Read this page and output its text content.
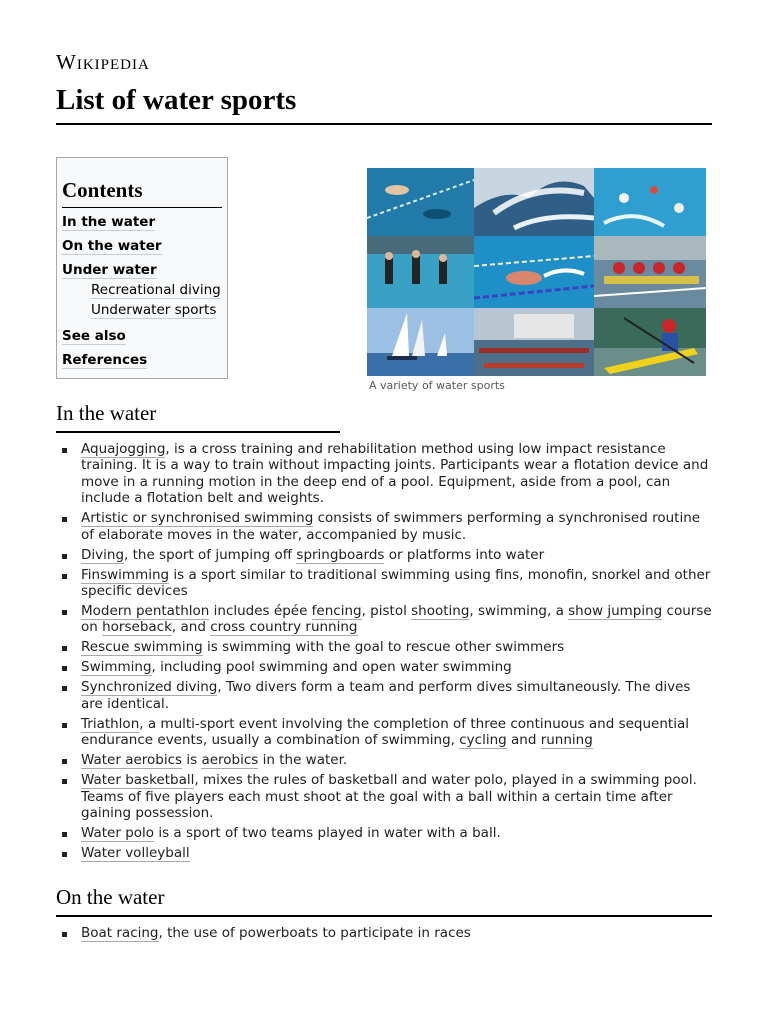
Wikipedia
List of water sports
Contents
In the water
On the water
Under water
Recreational diving
Underwater sports
See also
References
A variety of water sports
In the water
Aquajogging, is a cross training and rehabilitation method using low impact resistance training. It is a way to train without impacting joints. Participants wear a flotation device and move in a running motion in the deep end of a pool. Equipment, aside from a pool, can include a flotation belt and weights.
Artistic or synchronised swimming consists of swimmers performing a synchronised routine of elaborate moves in the water, accompanied by music.
Diving, the sport of jumping off springboards or platforms into water
Finswimming is a sport similar to traditional swimming using fins, monofin, snorkel and other specific devices
Modern pentathlon includes épée fencing, pistol shooting, swimming, a show jumping course on horseback, and cross country running
Rescue swimming is swimming with the goal to rescue other swimmers
Swimming, including pool swimming and open water swimming
Synchronized diving, Two divers form a team and perform dives simultaneously. The dives are identical.
Triathlon, a multi-sport event involving the completion of three continuous and sequential endurance events, usually a combination of swimming, cycling and running
Water aerobics is aerobics in the water.
Water basketball, mixes the rules of basketball and water polo, played in a swimming pool. Teams of five players each must shoot at the goal with a ball within a certain time after gaining possession.
Water polo is a sport of two teams played in water with a ball.
Water volleyball
On the water
Boat racing, the use of powerboats to participate in races
